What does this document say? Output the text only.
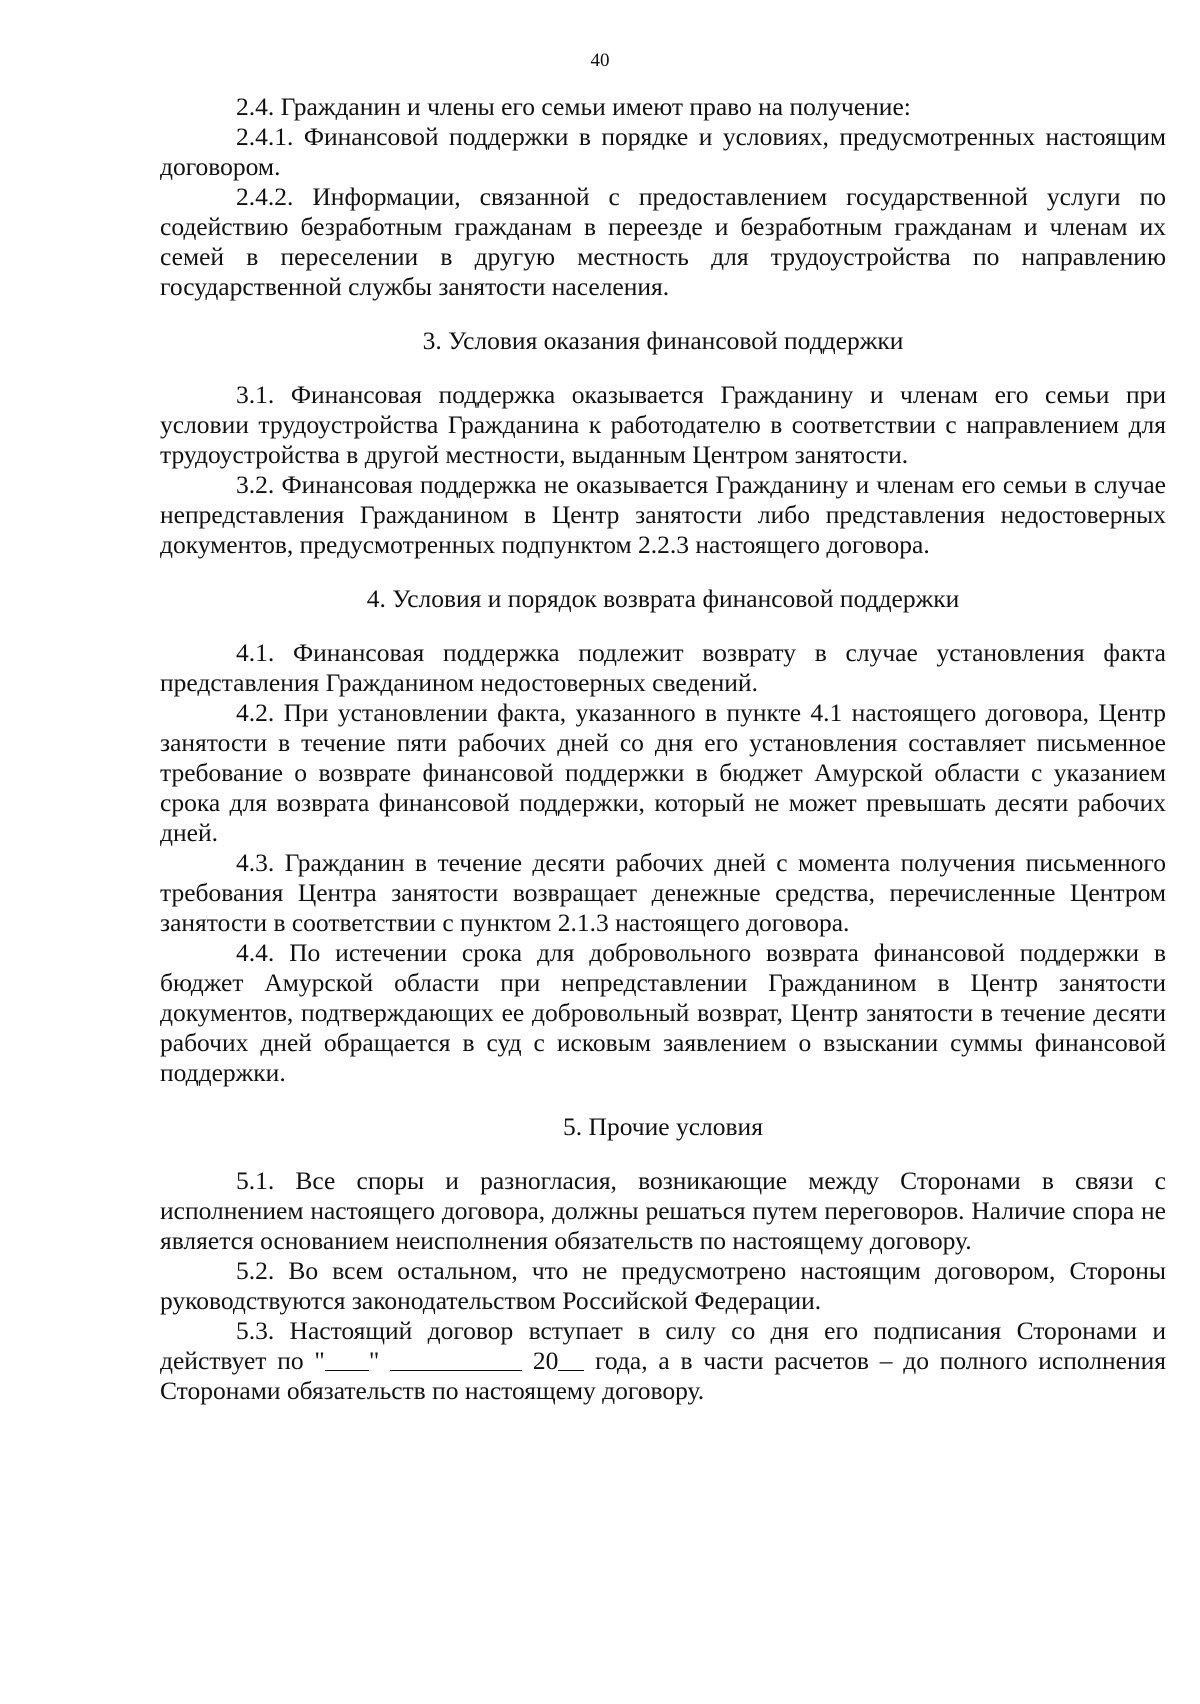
40

2.4. Гражданин и члены его семьи имеют право на получение:

2.4.1. Финансовой поддержки в порядке и условиях, предусмотренных настоящим договором.

2.4.2. Информации, связанной с предоставлением государственной услуги по содействию безработным гражданам в переезде и безработным гражданам и членам их семей в переселении в другую местность для трудоустройства по направлению государственной службы занятости населения.

3. Условия оказания финансовой поддержки

3.1. Финансовая поддержка оказывается Гражданину и членам его семьи при условии трудоустройства Гражданина к работодателю в соответствии с направлением для трудоустройства в другой местности, выданным Центром занятости.

3.2. Финансовая поддержка не оказывается Гражданину и членам его семьи в случае непредставления Гражданином в Центр занятости либо представления недостоверных документов, предусмотренных подпунктом 2.2.3 настоящего договора.

4. Условия и порядок возврата финансовой поддержки

4.1. Финансовая поддержка подлежит возврату в случае установления факта представления Гражданином недостоверных сведений.

4.2. При установлении факта, указанного в пункте 4.1 настоящего договора, Центр занятости в течение пяти рабочих дней со дня его установления составляет письменное требование о возврате финансовой поддержки в бюджет Амурской области с указанием срока для возврата финансовой поддержки, который не может превышать десяти рабочих дней.

4.3. Гражданин в течение десяти рабочих дней с момента получения письменного требования Центра занятости возвращает денежные средства, перечисленные Центром занятости в соответствии с пунктом 2.1.3 настоящего договора.

4.4. По истечении срока для добровольного возврата финансовой поддержки в бюджет Амурской области при непредставлении Гражданином в Центр занятости документов, подтверждающих ее добровольный возврат, Центр занятости в течение десяти рабочих дней обращается в суд с исковым заявлением о взыскании суммы финансовой поддержки.

5. Прочие условия

5.1. Все споры и разногласия, возникающие между Сторонами в связи с исполнением настоящего договора, должны решаться путем переговоров. Наличие спора не является основанием неисполнения обязательств по настоящему договору.

5.2. Во всем остальном, что не предусмотрено настоящим договором, Стороны руководствуются законодательством Российской Федерации.

5.3. Настоящий договор вступает в силу со дня его подписания Сторонами и действует по " "	20 года, а в части расчетов – до полного исполнения Сторонами обязательств по настоящему договору.
